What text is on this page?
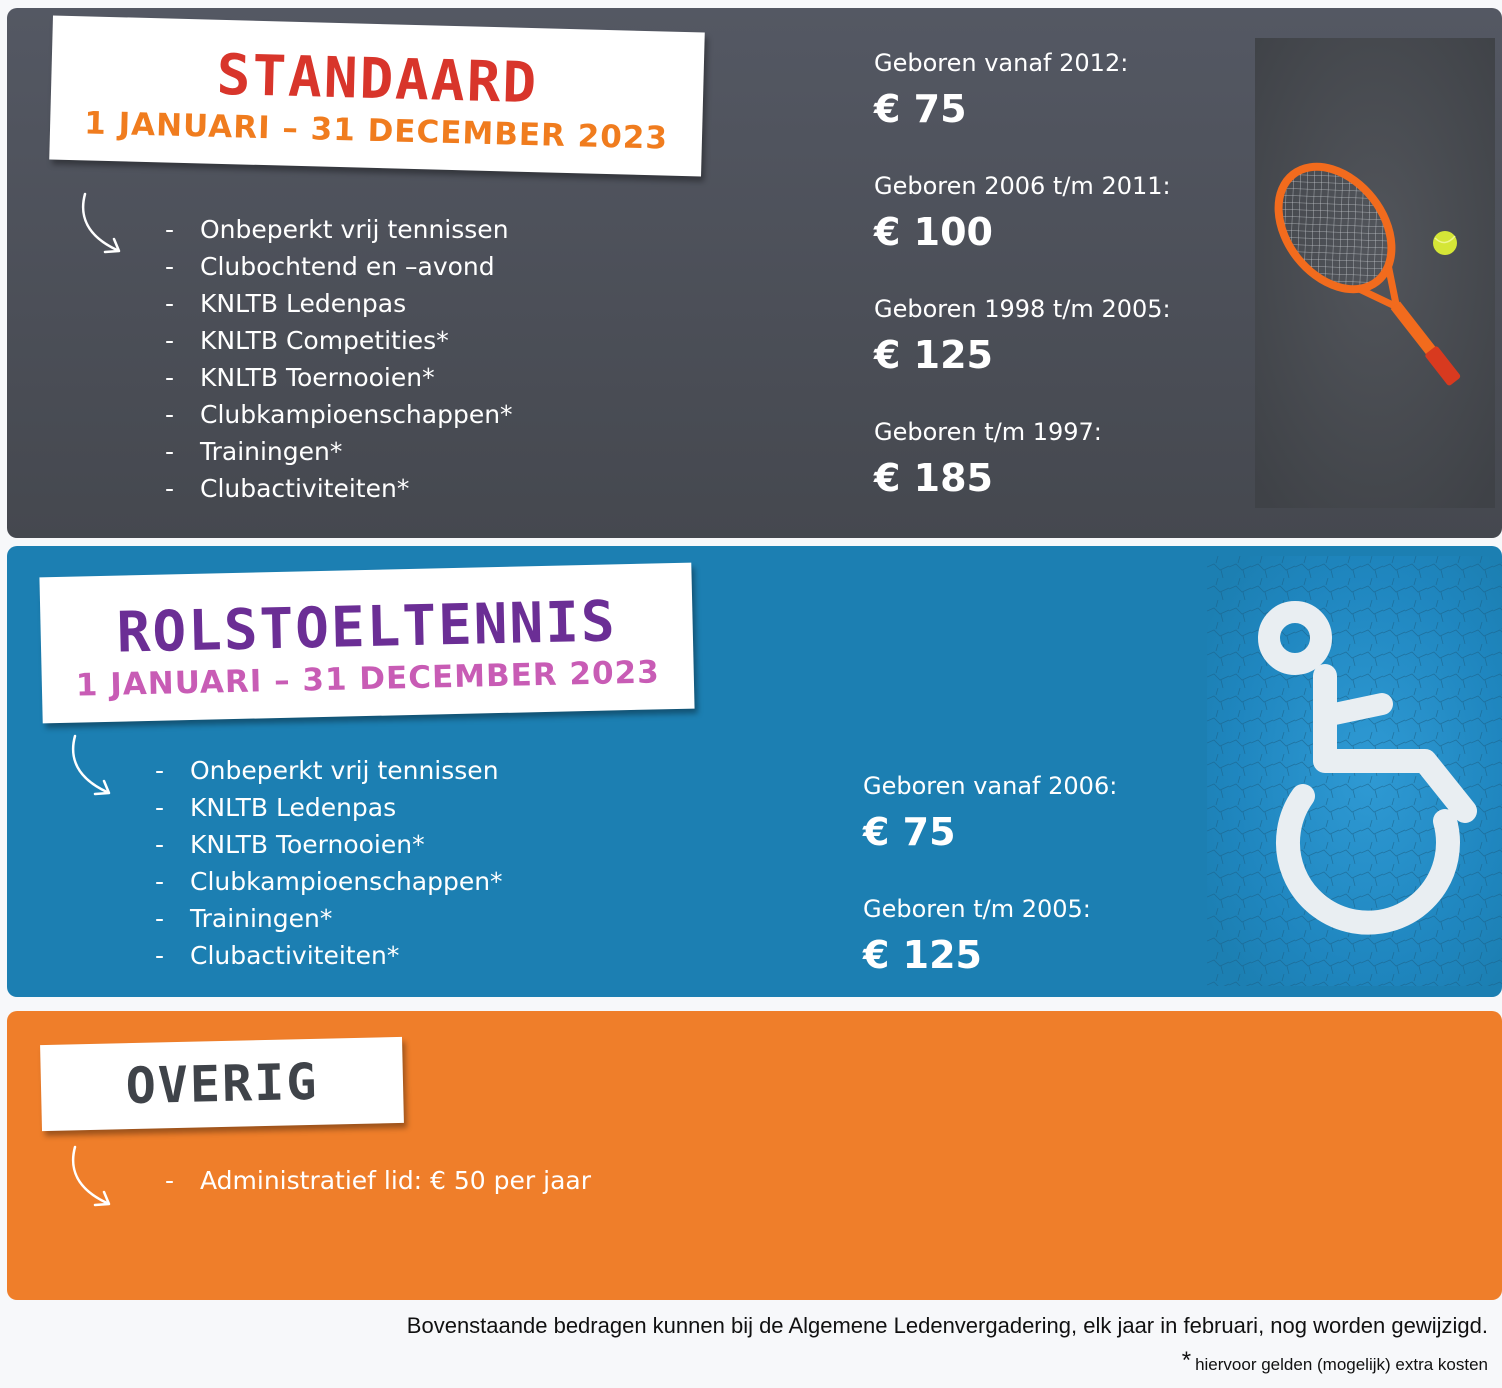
STANDAARD
1 JANUARI – 31 DECEMBER 2023
- Onbeperkt vrij tennissen
- Clubochtend en –avond
- KNLTB Ledenpas
- KNLTB Competities*
- KNLTB Toernooien*
- Clubkampioenschappen*
- Trainingen*
- Clubactiviteiten*
Geboren vanaf 2012:
€ 75
Geboren 2006 t/m 2011:
€ 100
Geboren 1998 t/m 2005:
€ 125
Geboren t/m 1997:
€ 185
ROLSTOELTENNIS
1 JANUARI – 31 DECEMBER 2023
- Onbeperkt vrij tennissen
- KNLTB Ledenpas
- KNLTB Toernooien*
- Clubkampioenschappen*
- Trainingen*
- Clubactiviteiten*
Geboren vanaf 2006:
€ 75
Geboren t/m 2005:
€ 125
OVERIG
- Administratief lid: € 50 per jaar
Bovenstaande bedragen kunnen bij de Algemene Ledenvergadering, elk jaar in februari, nog worden gewijzigd.
* hiervoor gelden (mogelijk) extra kosten
